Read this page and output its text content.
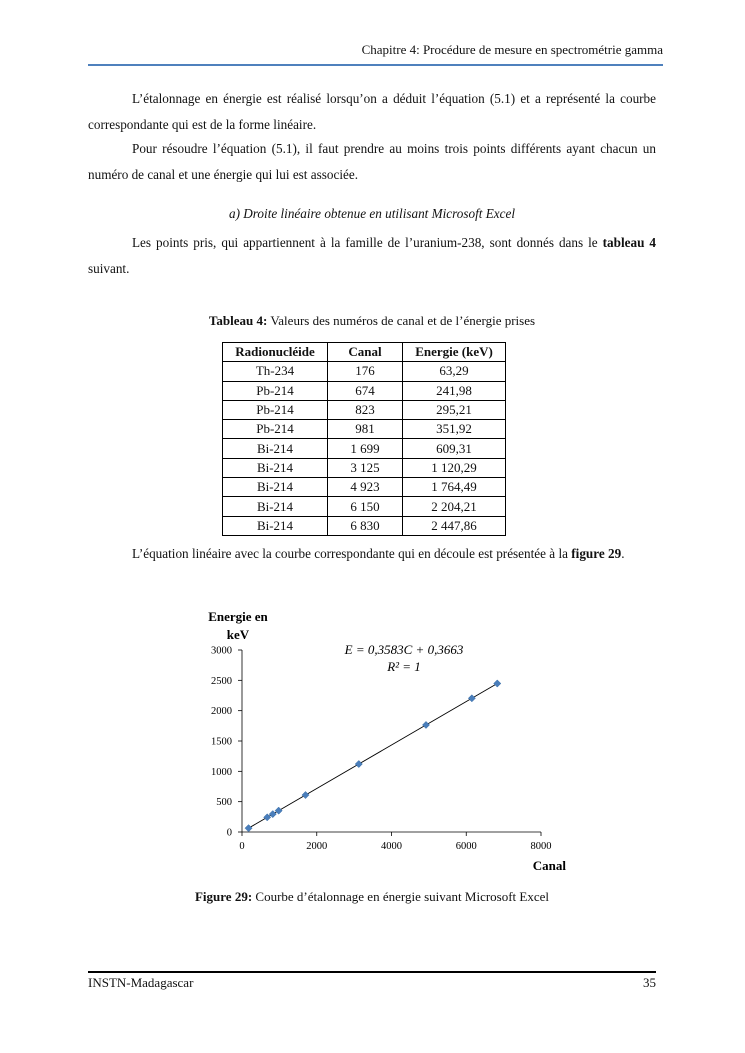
Chapitre 4: Procédure de mesure en spectrométrie gamma
L’étalonnage en énergie est réalisé lorsqu’on a déduit l’équation (5.1) et a représenté la courbe correspondante qui est de la forme linéaire.
Pour résoudre l’équation (5.1), il faut prendre au moins trois points différents ayant chacun un numéro de canal et une énergie qui lui est associée.
a) Droite linéaire obtenue en utilisant Microsoft Excel
Les points pris, qui appartiennent à la famille de l’uranium-238, sont donnés dans le tableau 4 suivant.
Tableau 4: Valeurs des numéros de canal et de l’énergie prises
Radionucléide	Canal	Energie (keV)
Th-234	176	63,29
Pb-214	674	241,98
Pb-214	823	295,21
Pb-214	981	351,92
Bi-214	1 699	609,31
Bi-214	3 125	1 120,29
Bi-214	4 923	1 764,49
Bi-214	6 150	2 204,21
Bi-214	6 830	2 447,86
L’équation linéaire avec la courbe correspondante qui en découle est présentée à la figure 29.
0
500
1000
1500
2000
2500
3000
0	2000	4000	6000	8000
Energie en
keV
Canal
E = 0,3583C + 0,3663
R² = 1
Figure 29: Courbe d’étalonnage en énergie suivant Microsoft Excel
INSTN-Madagascar	35
